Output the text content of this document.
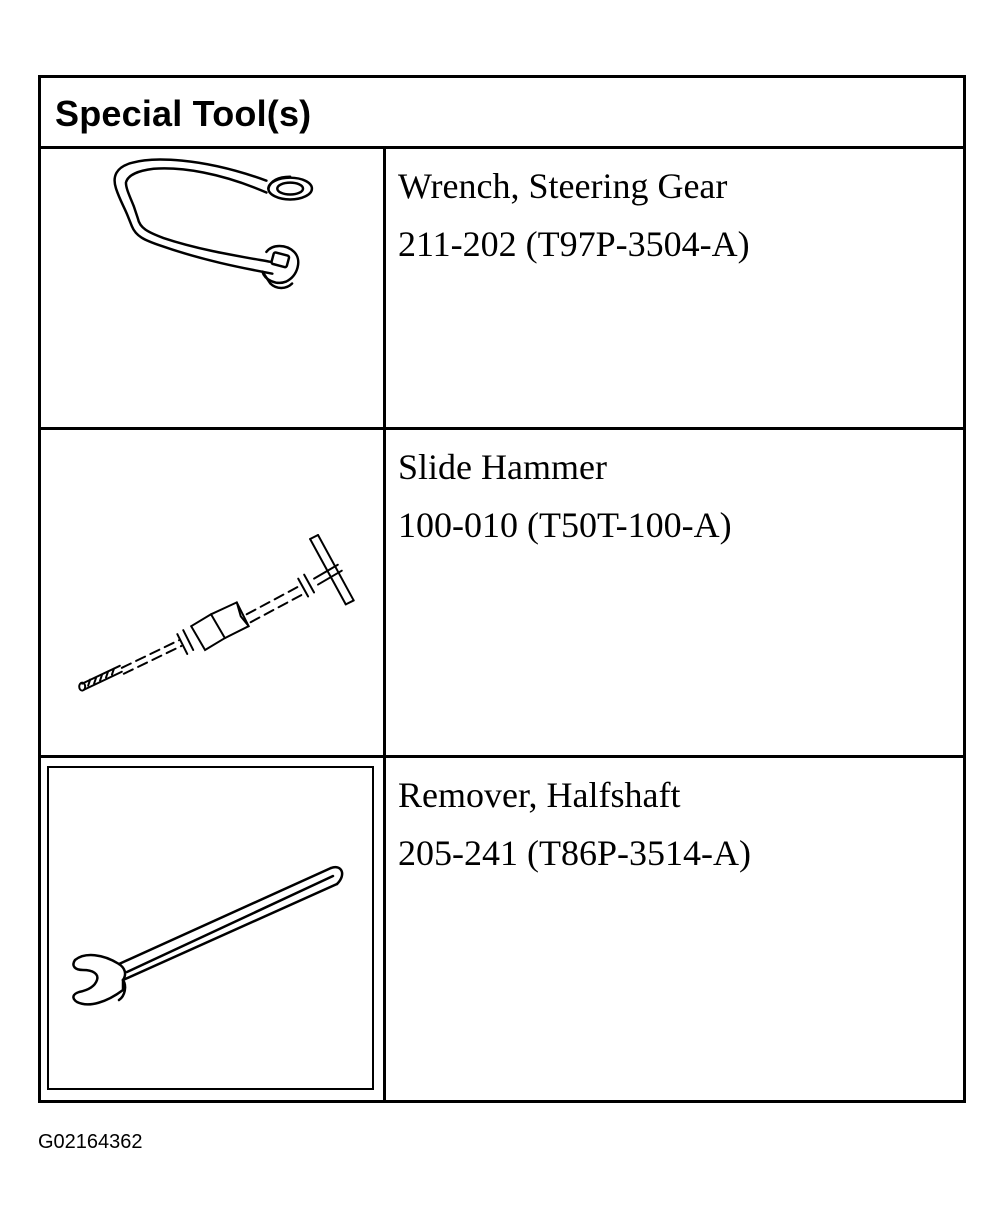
Special Tool(s)
Wrench, Steering Gear
211-202 (T97P-3504-A)
Slide Hammer
100-010 (T50T-100-A)
Remover, Halfshaft
205-241 (T86P-3514-A)
G02164362
